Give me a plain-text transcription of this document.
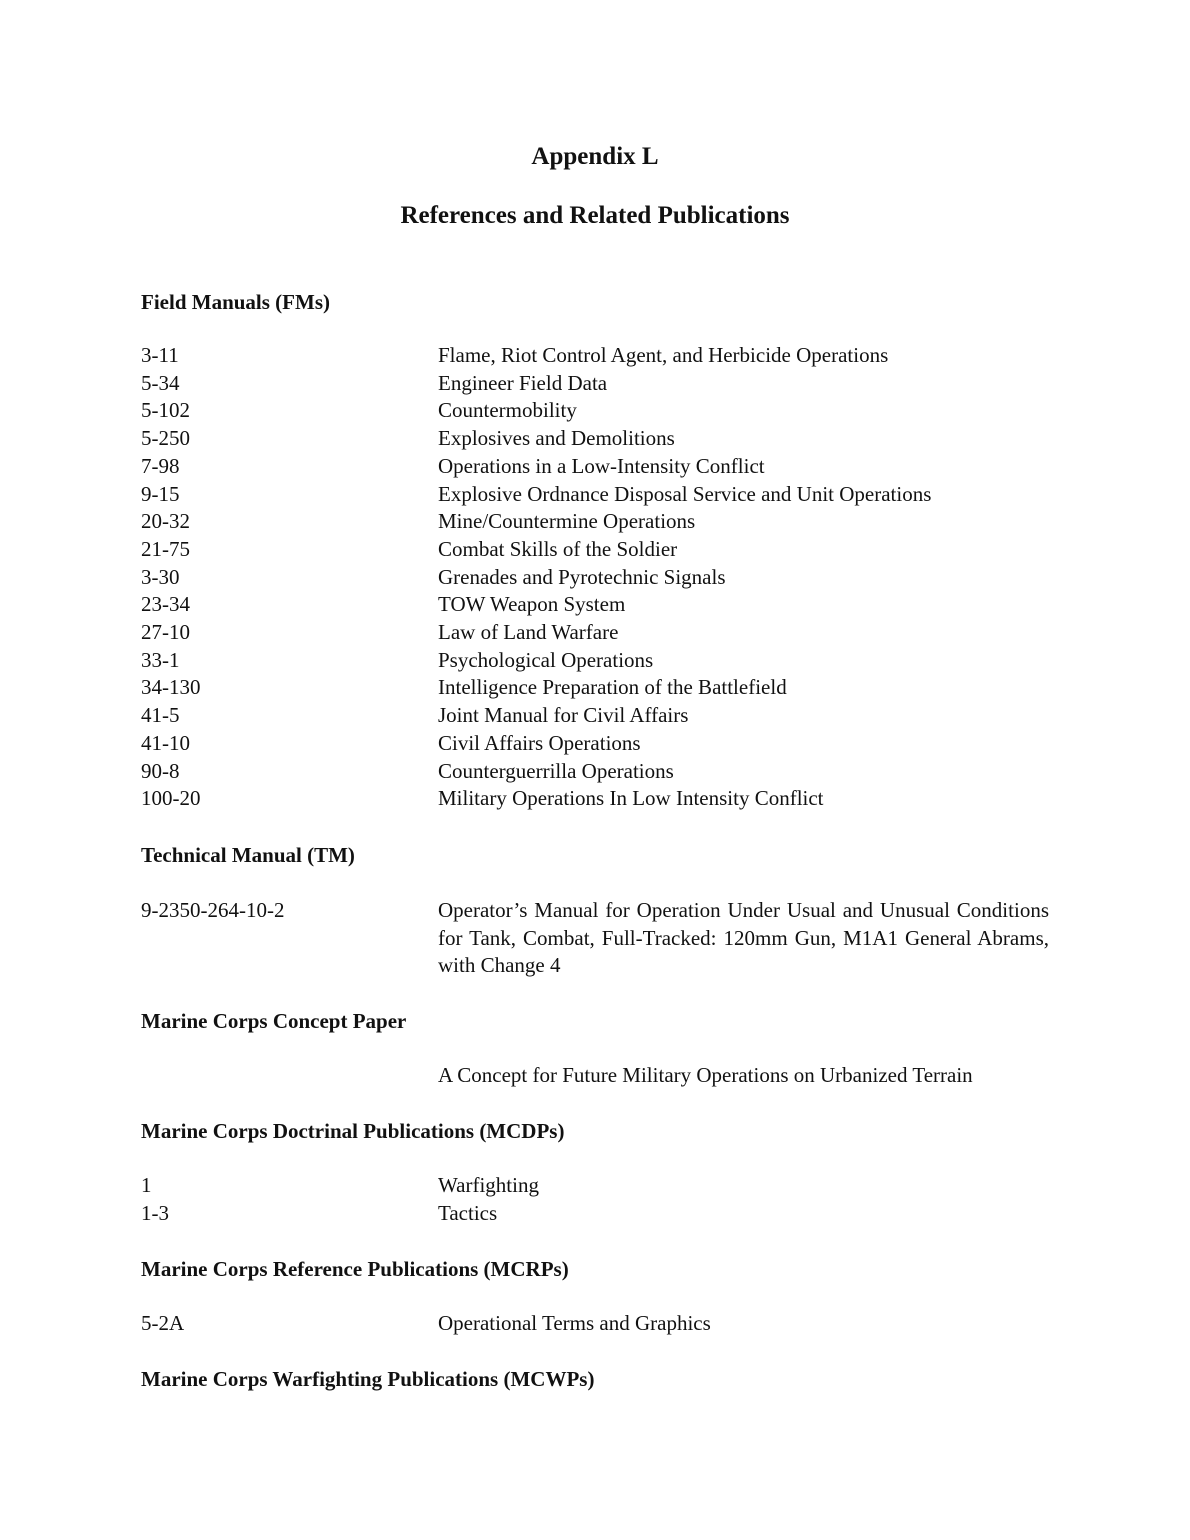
Appendix L
References and Related Publications
Field Manuals (FMs)
3-11	Flame, Riot Control Agent, and Herbicide Operations
5-34	Engineer Field Data
5-102	Countermobility
5-250	Explosives and Demolitions
7-98	Operations in a Low-Intensity Conflict
9-15	Explosive Ordnance Disposal Service and Unit Operations
20-32	Mine/Countermine Operations
21-75	Combat Skills of the Soldier
3-30	Grenades and Pyrotechnic Signals
23-34	TOW Weapon System
27-10	Law of Land Warfare
33-1	Psychological Operations
34-130	Intelligence Preparation of the Battlefield
41-5	Joint Manual for Civil Affairs
41-10	Civil Affairs Operations
90-8	Counterguerrilla Operations
100-20	Military Operations In Low Intensity Conflict
Technical Manual (TM)
9-2350-264-10-2	Operator’s Manual for Operation Under Usual and Unusual Conditions for Tank, Combat, Full-Tracked: 120mm Gun, M1A1 General Abrams, with Change 4
Marine Corps Concept Paper
A Concept for Future Military Operations on Urbanized Terrain
Marine Corps Doctrinal Publications (MCDPs)
1	Warfighting
1-3	Tactics
Marine Corps Reference Publications (MCRPs)
5-2A	Operational Terms and Graphics
Marine Corps Warfighting Publications (MCWPs)
